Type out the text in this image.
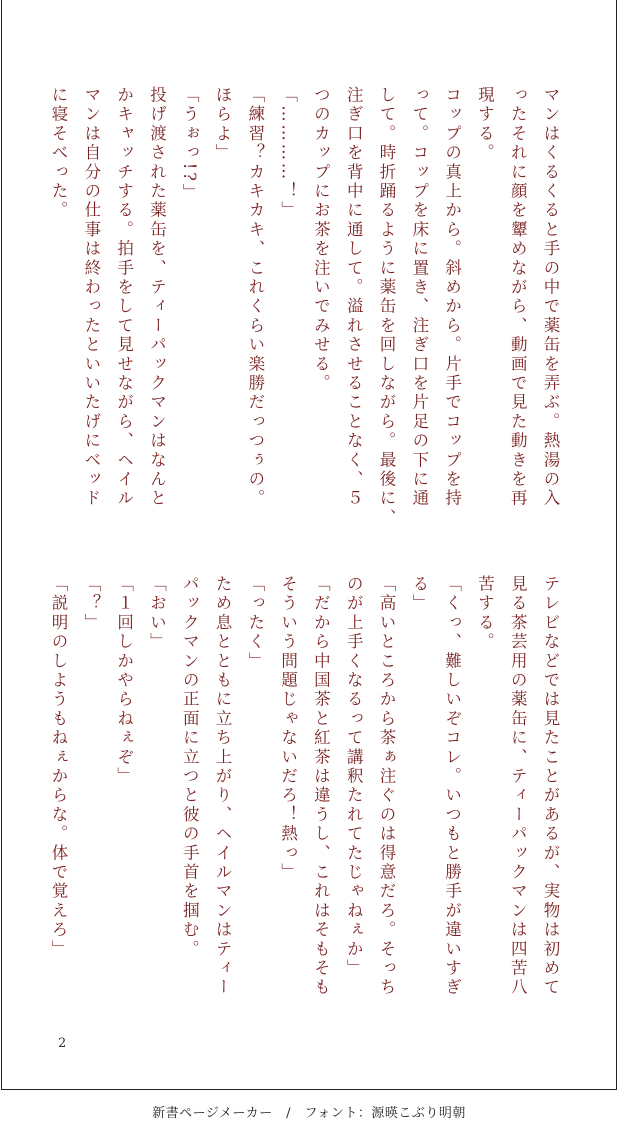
マンはくるくると手の中で薬缶を弄ぶ。熱湯の入

ったそれに顔を顰めながら、動画で見た動きを再

現する。

コップの真上から。斜めから。片手でコップを持

って。コップを床に置き、注ぎ口を片足の下に通

して。時折踊るように薬缶を回しながら。最後に、

注ぎ口を背中に通して。溢れさせることなく、５

つのカップにお茶を注いでみせる。

「…………！」

「練習？カキカキ、これくらい楽勝だっつぅの。

ほらよ」

「うぉっ!?」

投げ渡された薬缶を、ティーパックマンはなんと

かキャッチする。拍手をして見せながら、ヘイル

マンは自分の仕事は終わったといいたげにベッド

に寝そべった。

テレビなどでは見たことがあるが、実物は初めて

見る茶芸用の薬缶に、ティーパックマンは四苦八

苦する。

「くっ、難しいぞコレ。いつもと勝手が違いすぎ

る」

「高いところから茶ぁ注ぐのは得意だろ。そっち

のが上手くなるって講釈たれてたじゃねぇか」

「だから中国茶と紅茶は違うし、これはそもそも

そういう問題じゃないだろ！熱っ」

「ったく」

ため息とともに立ち上がり、ヘイルマンはティー

パックマンの正面に立つと彼の手首を掴む。

「おい」

「１回しかやらねぇぞ」

「？」

「説明のしようもねぇからな。体で覚えろ」

2
新書ページメーカー　/　フォント：源暎こぶり明朝
